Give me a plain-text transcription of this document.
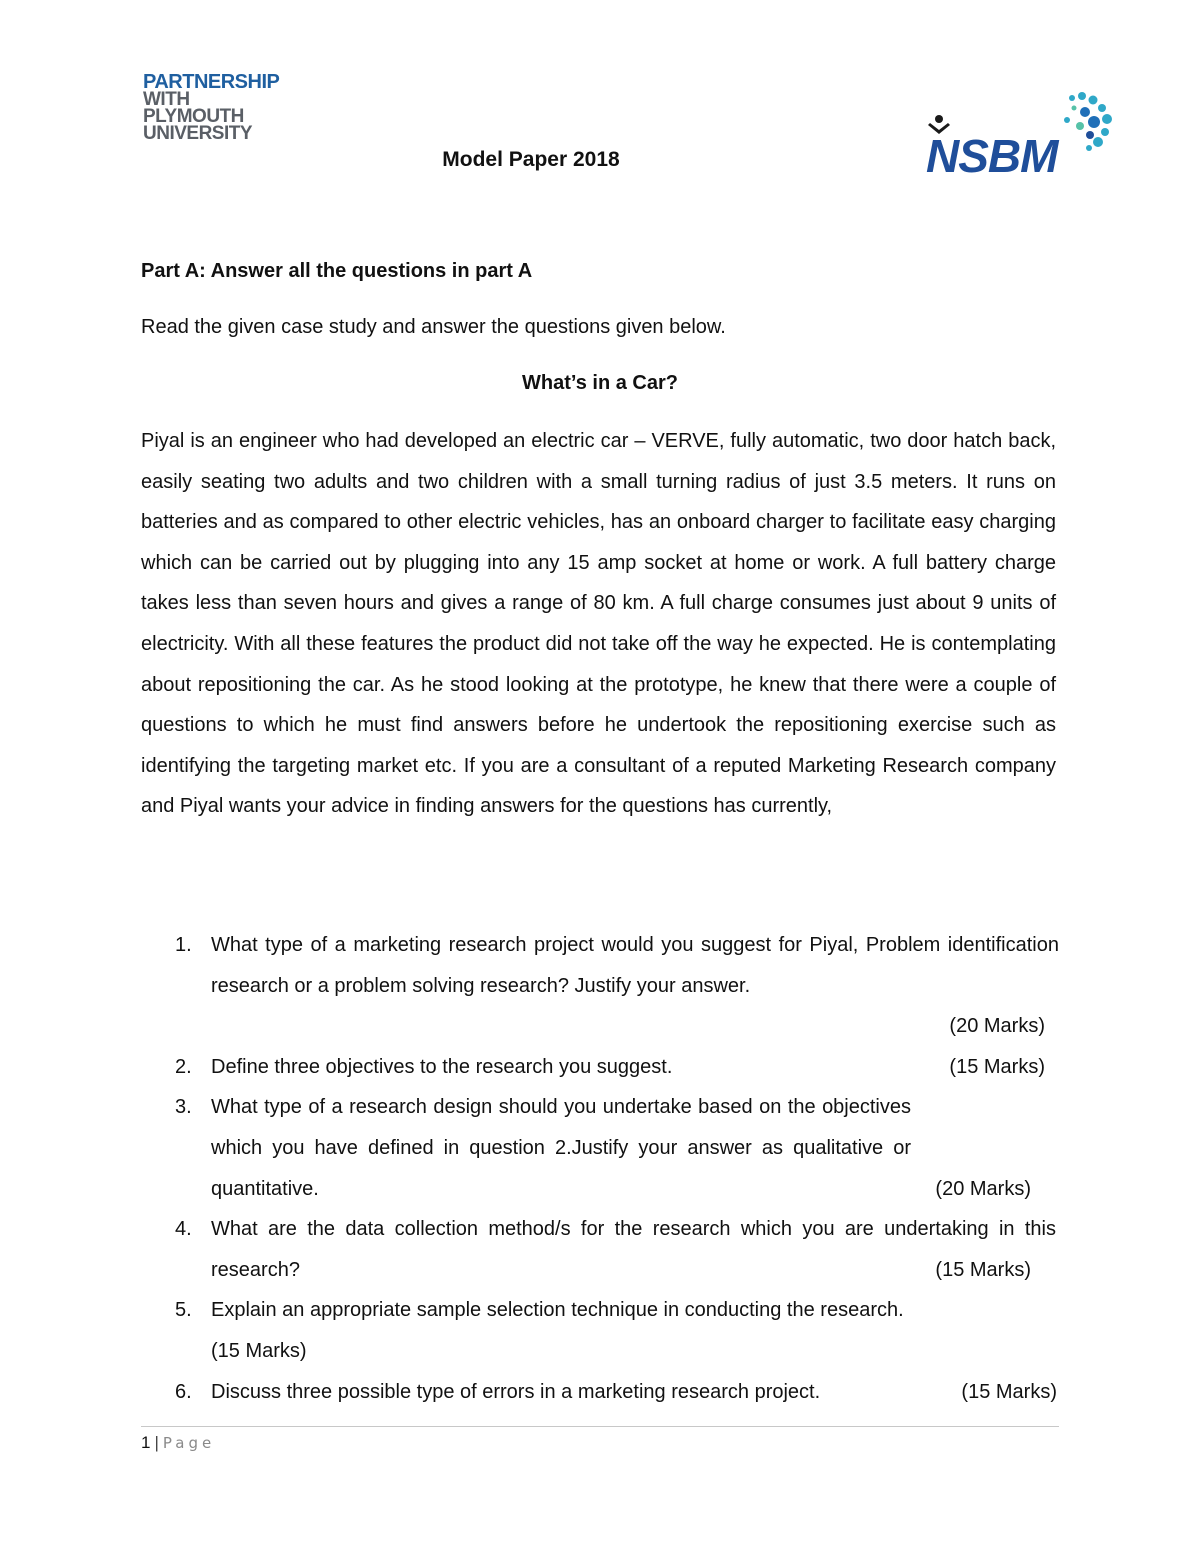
PARTNERSHIP
WITH
PLYMOUTH
UNIVERSITY	NSBM
Model Paper 2018
Part A: Answer all the questions in part A
Read the given case study and answer the questions given below.
What’s in a Car?

Piyal is an engineer who had developed an electric car – VERVE, fully automatic, two door hatch back, easily seating two adults and two children with a small turning radius of just 3.5 meters. It runs on batteries and as compared to other electric vehicles, has an onboard charger to facilitate easy charging which can be carried out by plugging into any 15 amp socket at home or work. A full battery charge takes less than seven hours and gives a range of 80 km. A full charge consumes just about 9 units of electricity. With all these features the product did not take off the way he expected. He is contemplating about repositioning the car. As he stood looking at the prototype, he knew that there were a couple of questions to which he must find answers before he undertook the repositioning exercise such as identifying the targeting market etc. If you are a consultant of a reputed Marketing Research company and Piyal wants your advice in finding answers for the questions has currently,

1. What type of a marketing research project would you suggest for Piyal, Problem identification research or a problem solving research? Justify your answer.
(20 Marks)
2. Define three objectives to the research you suggest.	(15 Marks)
3. What type of a research design should you undertake based on the objectives which you have defined in question 2.Justify your answer as qualitative or quantitative.	(20 Marks)
4. What are the data collection method/s for the research which you are undertaking in this research?	(15 Marks)
5. Explain an appropriate sample selection technique in conducting the research.
(15 Marks)
6. Discuss three possible type of errors in a marketing research project.	(15 Marks)
1 | Page
